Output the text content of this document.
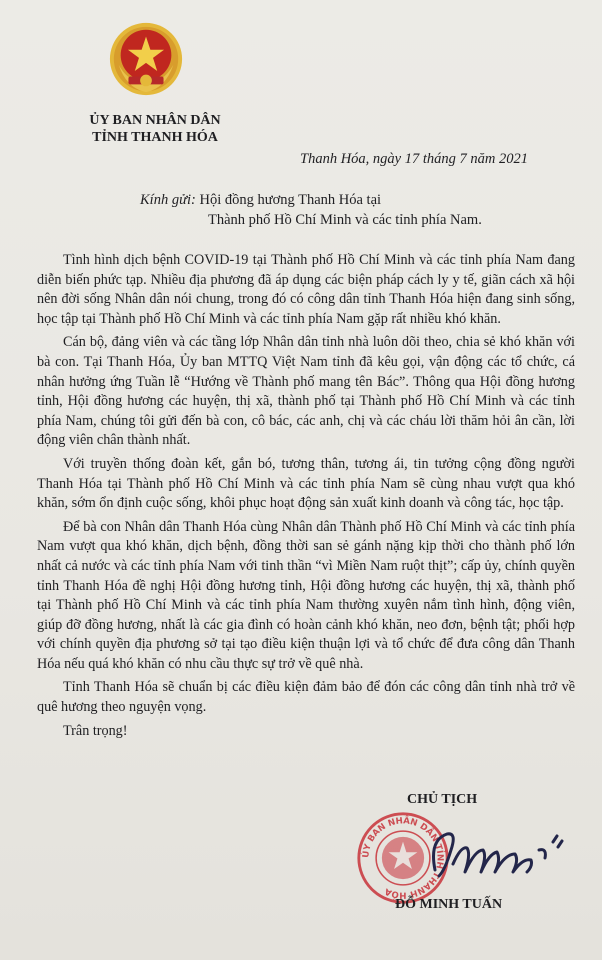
ỦY BAN NHÂN DÂN
TỈNH THANH HÓA
Thanh Hóa, ngày 17 tháng 7 năm 2021
Kính gửi: Hội đồng hương Thanh Hóa tại
Thành phố Hồ Chí Minh và các tỉnh phía Nam.

Tình hình dịch bệnh COVID-19 tại Thành phố Hồ Chí Minh và các tỉnh phía Nam đang diễn biến phức tạp. Nhiều địa phương đã áp dụng các biện pháp cách ly y tế, giãn cách xã hội nên đời sống Nhân dân nói chung, trong đó có công dân tỉnh Thanh Hóa hiện đang sinh sống, học tập tại Thành phố Hồ Chí Minh và các tỉnh phía Nam gặp rất nhiều khó khăn.

Cán bộ, đảng viên và các tầng lớp Nhân dân tỉnh nhà luôn dõi theo, chia sẻ khó khăn với bà con. Tại Thanh Hóa, Ủy ban MTTQ Việt Nam tỉnh đã kêu gọi, vận động các tổ chức, cá nhân hưởng ứng Tuần lễ “Hướng về Thành phố mang tên Bác”. Thông qua Hội đồng hương tỉnh, Hội đồng hương các huyện, thị xã, thành phố tại Thành phố Hồ Chí Minh và các tỉnh phía Nam, chúng tôi gửi đến bà con, cô bác, các anh, chị và các cháu lời thăm hỏi ân cần, lời động viên chân thành nhất.

Với truyền thống đoàn kết, gắn bó, tương thân, tương ái, tin tưởng cộng đồng người Thanh Hóa tại Thành phố Hồ Chí Minh và các tỉnh phía Nam sẽ cùng nhau vượt qua khó khăn, sớm ổn định cuộc sống, khôi phục hoạt động sản xuất kinh doanh và công tác, học tập.

Để bà con Nhân dân Thanh Hóa cùng Nhân dân Thành phố Hồ Chí Minh và các tỉnh phía Nam vượt qua khó khăn, dịch bệnh, đồng thời san sẻ gánh nặng kịp thời cho thành phố lớn nhất cả nước và các tỉnh phía Nam với tinh thần “vì Miền Nam ruột thịt”; cấp ủy, chính quyền tỉnh Thanh Hóa đề nghị Hội đồng hương tỉnh, Hội đồng hương các huyện, thị xã, thành phố tại Thành phố Hồ Chí Minh và các tỉnh phía Nam thường xuyên nắm tình hình, động viên, giúp đỡ đồng hương, nhất là các gia đình có hoàn cảnh khó khăn, neo đơn, bệnh tật; phối hợp với chính quyền địa phương sở tại tạo điều kiện thuận lợi và tổ chức để đưa công dân Thanh Hóa nếu quá khó khăn có nhu cầu thực sự trở về quê nhà.

Tỉnh Thanh Hóa sẽ chuẩn bị các điều kiện đảm bảo để đón các công dân tỉnh nhà trở về quê hương theo nguyện vọng.

Trân trọng!

ỦY BAN NHÂN DÂN TỈNH THANH HÓA
CHỦ TỊCH
ĐỖ MINH TUẤN
